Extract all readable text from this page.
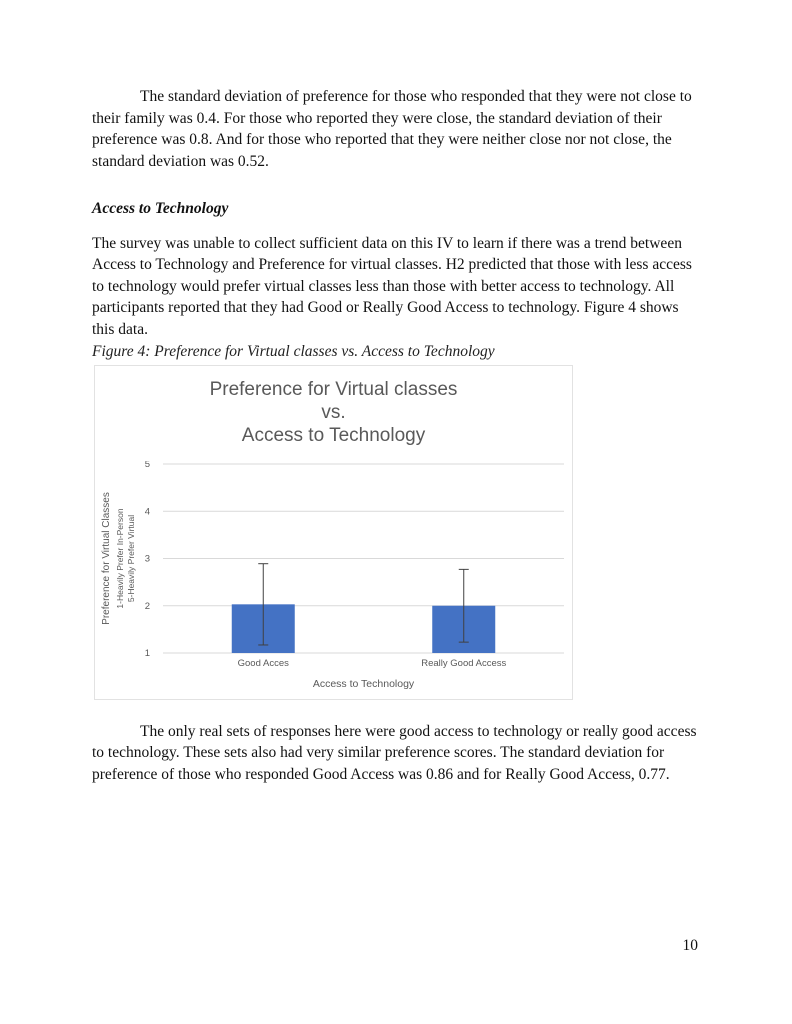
The standard deviation of preference for those who responded that they were not close to their family was 0.4. For those who reported they were close, the standard deviation of their preference was 0.8. And for those who reported that they were neither close nor not close, the standard deviation was 0.52.

Access to Technology

The survey was unable to collect sufficient data on this IV to learn if there was a trend between Access to Technology and Preference for virtual classes. H2 predicted that those with less access to technology would prefer virtual classes less than those with better access to technology. All participants reported that they had Good or Really Good Access to technology. Figure 4 shows this data.

Figure 4: Preference for Virtual classes vs. Access to Technology

Preference for Virtual classes
vs.
Access to Technology
1
2
3
4
5
Good Acces	Really Good Access
Access to Technology
Preference for Virtual Classes 1-Heavily Prefer In-Person 5-Heavily Prefer Virtual

The only real sets of responses here were good access to technology or really good access to technology. These sets also had very similar preference scores. The standard deviation for preference of those who responded Good Access was 0.86 and for Really Good Access, 0.77.

10
